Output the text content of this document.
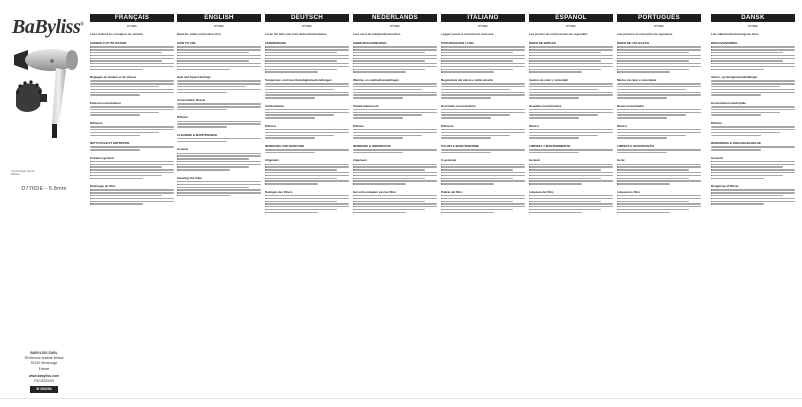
BaByliss®
Concentrator Nozzle
Diffuser
D776DE - 5.8mm
BABYLISS SARL
99 Avenue Aristide Briand
92120 Montrouge
France
www.babyliss.com
F3C/2020/09
III 200294
FRANÇAIS
D776DE
Lisez d'abord les consignes de sécurité.
CONSEILS D'UTILISATION
Réglages de chaleur et de vitesse
Embout concentrateur
Diffuseur
NETTOYAGE ET ENTRETIEN
Entretien général
Nettoyage du filtre
ENGLISH
D776DE
Read the safety instructions first.
HOW TO USE
Heat and Speed Settings
Concentrator Nozzle
Diffuser
CLEANING & MAINTENANCE
General
Cleaning the Filter
DEUTSCH
D776DE
Lesen Sie bitte zuerst die Sicherheitshinweise.
VERWENDUNG
Temperatur- und Geschwindigkeitseinstellungen
Aufsteckdüse
Diffusor
REINIGUNG UND WARTUNG
Allgemein
Reinigen des Filters
NEDERLANDS
D776DE
Lees eerst de veiligheidsinstructies.
GEBRUIKSAANWIJZING
Warmte- en snelheidsinstellingen
Smalle blaasmond
Diffuser
REINIGING & ONDERHOUD
Algemeen
Het schoonmaken van het filter
ITALIANO
D776DE
Leggere prima le istruzioni di sicurezza.
ISTRUZIONI PER L'USO
Regolazioni del calore e della velocità
Bocchetta concentratrice
Diffusore
PULIZIA E MANUTENZIONE
In generale
Pulizia del filtro
ESPAÑOL
D776DE
Lea primero las instrucciones de seguridad.
MODO DE EMPLEO
Ajustes de calor y velocidad
Boquilla concentradora
Difusor
LIMPIEZA Y MANTENIMIENTO
General
Limpieza del filtro
PORTUGUÊS
D776DE
Leia primeiro as instruções de segurança.
MODO DE UTILIZAÇÃO
Modos de calor e velocidade
Bocal concentrador
Difusor
LIMPEZA E MANUTENÇÃO
Geral
Limpeza do filtro
DANSK
D776DE
Læs sikkerhedsanvisningerne først.
BRUGSANVISNING
Varme- og hastighedsindstillinger
Koncentratormundstykke
Diffuser
RENGØRING & VEDLIGEHOLDELSE
Generelt
Rengøring af filteret
